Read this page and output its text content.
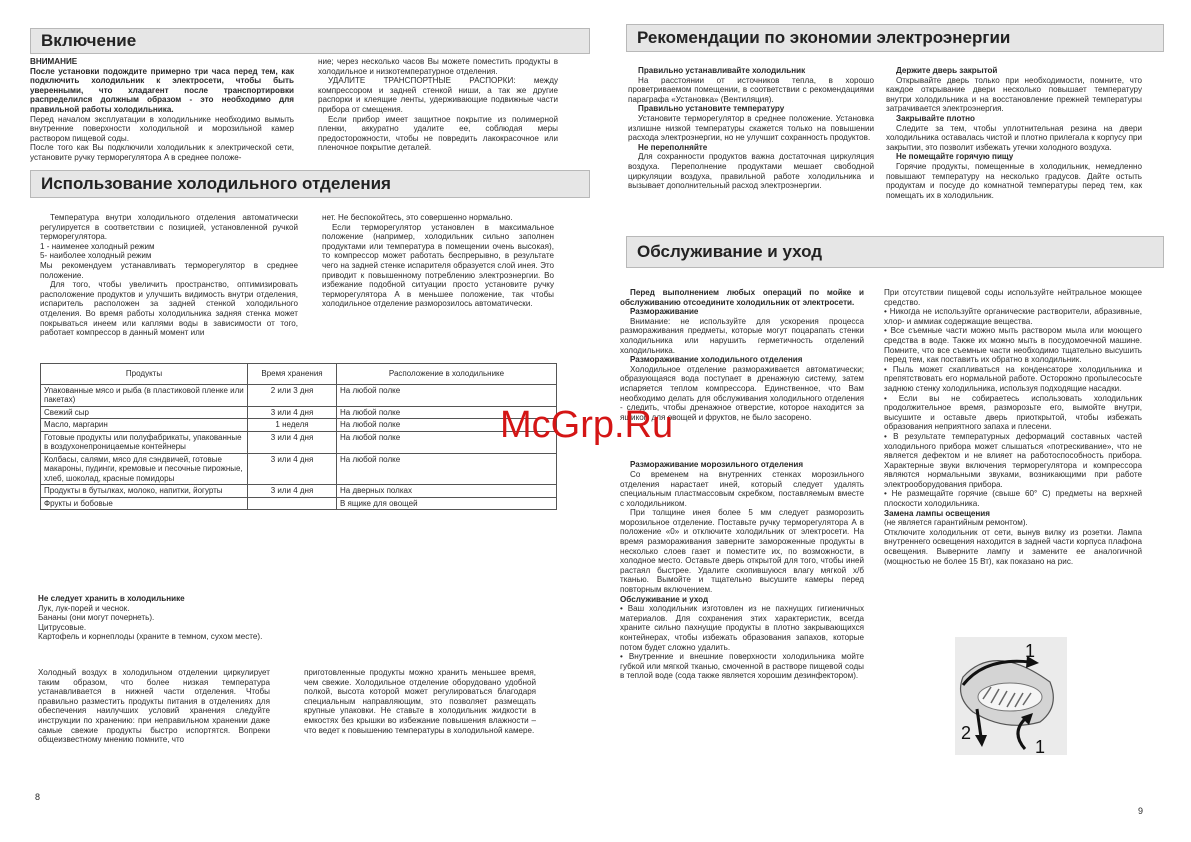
Включение

ВНИМАНИЕ

После установки подождите примерно три часа перед тем, как подключить холодильник к электросети, чтобы быть уверенными, что хладагент после транспортировки распределился должным образом - это необходимо для правильной работы холодильника.

Перед началом эксплуатации в холодильнике необходимо вымыть внутренние поверхности холодильной и морозильной камер раствором пищевой соды.

После того как Вы подключили холодильник к электрической сети, установите ручку терморегулятора A в среднее положе-

ние; через несколько часов Вы можете поместить продукты в холодильное и низкотемпературное отделения.

УДАЛИТЕ ТРАНСПОРТНЫЕ РАСПОРКИ: между компрессором и задней стенкой ниши, а так же другие распорки и клеящие ленты, удерживающие подвижные части прибора от смещения.

Если прибор имеет защитное покрытие из полимерной пленки, аккуратно удалите ее, соблюдая меры предосторожности, чтобы не повредить лакокрасочное или пленочное покрытие деталей.

Использование холодильного отделения

Температура внутри холодильного отделения автоматически регулируется в соответствии с позицией, установленной ручкой терморегулятора.

1 - наименее холодный режим

5- наиболее холодный режим

Мы рекомендуем устанавливать терморегулятор в среднее положение.

Для того, чтобы увеличить пространство, оптимизировать расположение продуктов и улучшить видимость внутри отделения, испаритель расположен за задней стенкой холодильного отделения. Во время работы холодильника задняя стенка может покрываться инеем или каплями воды в зависимости от того, работает компрессор в данный момент или

нет. Не беспокойтесь, это совершенно нормально.

Если терморегулятор установлен в максимальное положение (например, холодильник сильно заполнен продуктами или температура в помещении очень высокая), то компрессор может работать беспрерывно, в результате чего на задней стенке испарителя образуется слой инея. Это приводит к повышенному потреблению электроэнергии. Во избежание подобной ситуации просто установите ручку терморегулятора A в меньшее положение, так чтобы холодильное отделение разморозилось автоматически.

Продукты	Время хранения	Расположение в холодильнике
Упакованные мясо и рыба (в пластиковой пленке или пакетах)	2 или 3 дня	На любой полке
Свежий сыр	3 или 4 дня	На любой полке
Масло, маргарин	1 неделя	На любой полке
Готовые продукты или полуфабрикаты, упакованные в воздухонепроницаемые контейнеры	3 или 4 дня	На любой полке
Колбасы, салями, мясо для сэндвичей, готовые макароны, пудинги, кремовые и песочные пирожные, хлеб, шоколад, красные помидоры	3 или 4 дня	На любой полке
Продукты в бутылках, молоко, напитки, йогурты	3 или 4 дня	На дверных полках
Фрукты и бобовые		В ящике для овощей

Не следует хранить в холодильнике

Лук, лук-порей и чеснок.

Бананы (они могут почернеть).

Цитрусовые.

Картофель и корнеплоды (храните в темном, сухом месте).

Холодный воздух в холодильном отделении циркулирует таким образом, что более низкая температура устанавливается в нижней части отделения. Чтобы правильно разместить продукты питания в отделениях для обеспечения наилучших условий хранения следуйте инструкции по хранению: при неправильном хранении даже самые свежие продукты быстро испортятся. Вопреки общеизвестному мнению помните, что

приготовленные продукты можно хранить меньшее время, чем свежие. Холодильное отделение оборудовано удобной полкой, высота которой может регулироваться благодаря специальным направляющим, это позволяет размещать крупные упаковки. Не ставьте в холодильник жидкости в емкостях без крышки во избежание повышения влажности – что ведет к повышению температуры в холодильной камере.

8
Рекомендации по экономии электроэнергии

Правильно устанавливайте холодильник

На расстоянии от источников тепла, в хорошо проветриваемом помещении, в соответствии с рекомендациями параграфа «Установка» (Вентиляция).

Правильно установите температуру

Установите терморегулятор в среднее положение. Установка излишне низкой температуры скажется только на повышении расхода электроэнергии, но не улучшит сохранность продуктов.

Не переполняйте

Для сохранности продуктов важна достаточная циркуляция воздуха. Переполнение продуктами мешает свободной циркуляции воздуха, правильной работе холодильника и вызывает дополнительный расход электроэнергии.

Держите дверь закрытой

Открывайте дверь только при необходимости, помните, что каждое открывание двери несколько повышает температуру внутри холодильника и на восстановление прежней температуры затрачивается электроэнергия.

Закрывайте плотно

Следите за тем, чтобы уплотнительная резина на двери холодильника оставалась чистой и плотно прилегала к корпусу при закрытии, это позволит избежать утечки холодного воздуха.

Не помещайте горячую пищу

Горячие продукты, помещенные в холодильник, немедленно повышают температуру на несколько градусов. Дайте остыть продуктам и посуде до комнатной температуры перед тем, как помещать их в холодильник.

Обслуживание и уход

Перед выполнением любых операций по мойке и обслуживанию отсоедините холодильник от электросети.

Размораживание

Внимание: не используйте для ускорения процесса размораживания предметы, которые могут поцарапать стенки холодильника или нарушить герметичность отделений холодильника.

Размораживание холодильного отделения

Холодильное отделение размораживается автоматически; образующаяся вода поступает в дренажную систему, затем испаряется теплом компрессора. Единственное, что Вам необходимо делать для обслуживания холодильного отделения - следить, чтобы дренажное отверстие, которое находится за ящиком для овощей и фруктов, не было засорено.

Размораживание морозильного отделения

Со временем на внутренних стенках морозильного отделения нарастает иней, который следует удалять специальным пластмассовым скребком, поставляемым вместе с холодильником.

При толщине инея более 5 мм следует разморозить морозильное отделение. Поставьте ручку терморегулятора A в положение «0» и отключите холодильник от электросети. На время размораживания заверните замороженные продукты в несколько слоев газет и поместите их, по возможности, в холодное место. Оставьте дверь открытой для того, чтобы иней растаял быстрее. Удалите скопившуюся влагу мягкой х/б тканью. Вымойте и тщательно высушите камеры перед повторным включением.

Обслуживание и уход

• Ваш холодильник изготовлен из не пахнущих гигиеничных материалов. Для сохранения этих характеристик, всегда храните сильно пахнущие продукты в плотно закрывающихся контейнерах, чтобы избежать образования запахов, которые потом будет сложно удалить.

• Внутренние и внешние поверхности холодильника мойте губкой или мягкой тканью, смоченной в растворе пищевой соды в теплой воде (сода также является хорошим дезинфектором).

При отсутствии пищевой соды используйте нейтральное моющее средство.

• Никогда не используйте органические растворители, абразивные, хлор- и аммиак содержащие вещества.

• Все съемные части можно мыть раствором мыла или моющего средства в воде. Также их можно мыть в посудомоечной машине. Помните, что все съемные части необходимо тщательно высушить перед тем, как поставить их обратно в холодильник.

• Пыль может скапливаться на конденсаторе холодильника и препятствовать его нормальной работе. Осторожно пропылесосьте заднюю стенку холодильника, используя подходящие насадки.

• Если вы не собираетесь использовать холодильник продолжительное время, разморозьте его, вымойте внутри, высушите и оставьте дверь приоткрытой, чтобы избежать образования неприятного запаха и плесени.

• В результате температурных деформаций составных частей холодильного прибора может слышаться «потрескивание», что не является дефектом и не влияет на работоспособность прибора. Характерные звуки включения терморегулятора и компрессора являются нормальными звуками, возникающими при работе электрооборудования прибора.

• Не размещайте горячие (свыше 60° С) предметы на верхней плоскости холодильника.

Замена лампы освещения

(не является гарантийным ремонтом).

Отключите холодильник от сети, вынув вилку из розетки. Лампа внутреннего освещения находится в задней части корпуса плафона освещения. Выверните лампу и замените ее аналогичной (мощностью не более 15 Вт), как показано на рис.

1
2
1
9
McGrp.Ru
